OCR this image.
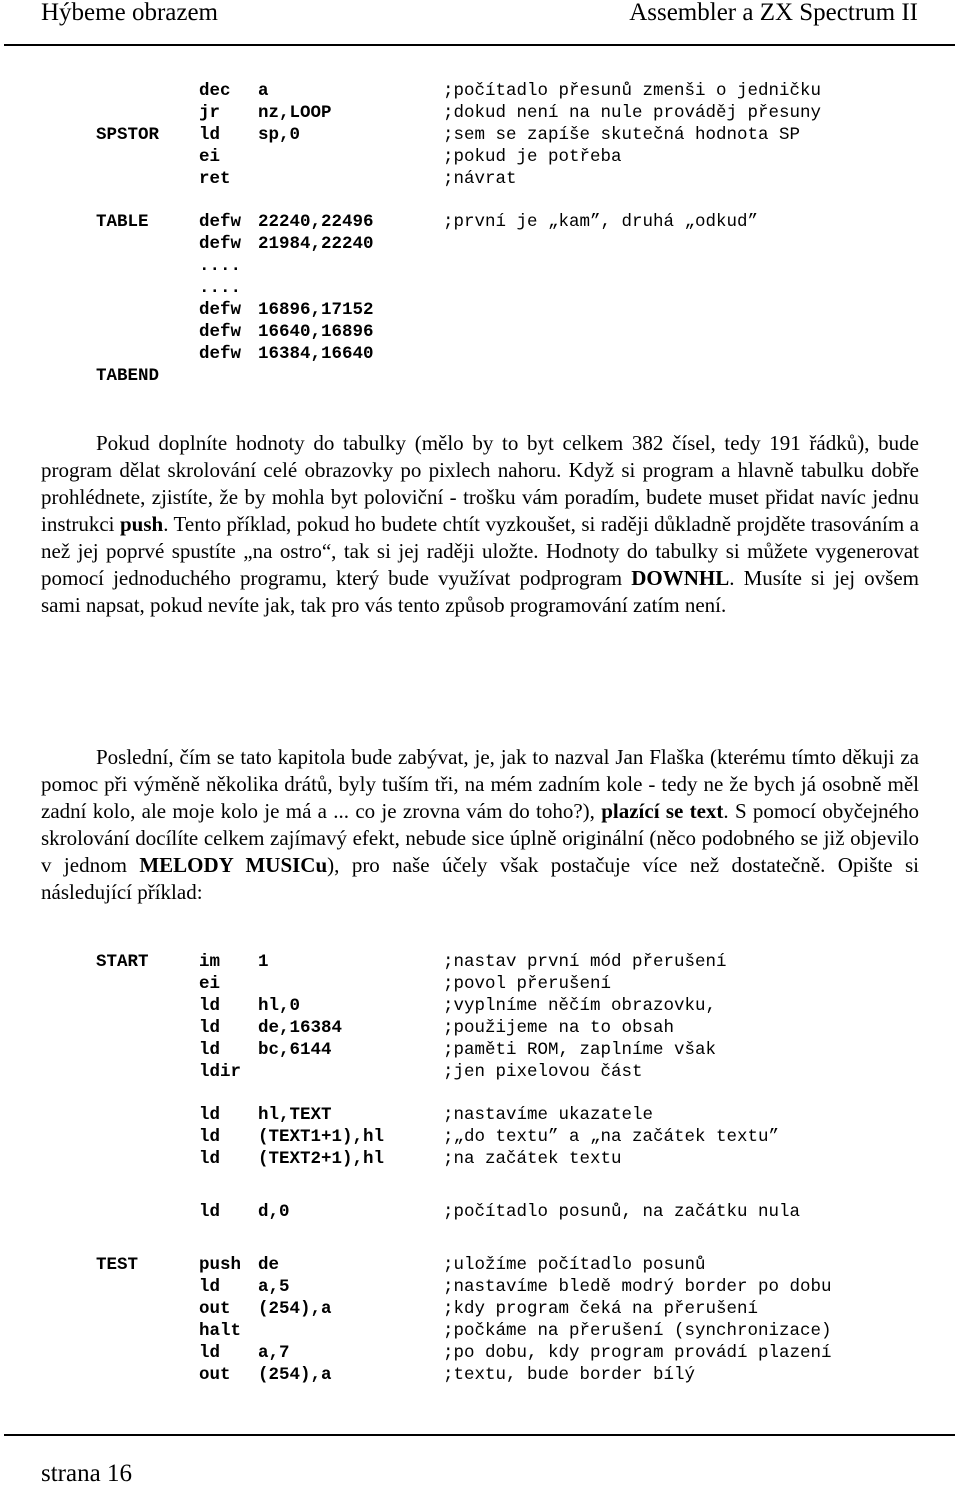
Hýbeme obrazem	Assembler a ZX Spectrum II
dec a	;počítadlo přesunů zmenši o jedničku
jr nz,LOOP	;dokud není na nule prováděj přesuny
SPSTOR ld sp,0	;sem se zapíše skutečná hodnota SP
ei	;pokud je potřeba
ret	;návrat
TABLE	defw 22240,22496	;první je „kam”, druhá „odkud”
defw 21984,22240
....
....
defw 16896,17152
defw 16640,16896
defw 16384,16640
TABEND
Pokud doplníte hodnoty do tabulky (mělo by to byt celkem 382 čísel, tedy 191 řádků), bude program dělat skrolování celé obrazovky po pixlech nahoru. Když si program a hlavně tabulku dobře prohlédnete, zjistíte, že by mohla byt poloviční - trošku vám poradím, budete muset přidat navíc jednu instrukci push. Tento příklad, pokud ho budete chtít vyzkoušet, si raději důkladně projděte trasováním a než jej poprvé spustíte „na ostro“, tak si jej raději uložte. Hodnoty do tabulky si můžete vygenerovat pomocí jednoduchého programu, který bude využívat podprogram DOWNHL. Musíte si jej ovšem sami napsat, pokud nevíte jak, tak pro vás tento způsob programování zatím není.
Poslední, čím se tato kapitola bude zabývat, je, jak to nazval Jan Flaška (kterému tímto děkuji za pomoc při výměně několika drátů, byly tuším tři, na mém zadním kole - tedy ne že bych já osobně měl zadní kolo, ale moje kolo je má a ... co je zrovna vám do toho?), plazící se text. S pomocí obyčejného skrolování docílíte celkem zajímavý efekt, nebude sice úplně originální (něco podobného se již objevilo v jednom MELODY MUSICu), pro naše účely však postačuje více než dostatečně. Opište si následující příklad:
START	im 1	;nastav první mód přerušení
ei	;povol přerušení
ld hl,0	;vyplníme něčím obrazovku,
ld de,16384	;použijeme na to obsah
ld bc,6144	;paměti ROM, zaplníme však
ldir	;jen pixelovou část
ld hl,TEXT	;nastavíme ukazatele
ld (TEXT1+1),hl	;„do textu” a „na začátek textu”
ld (TEXT2+1),hl	;na začátek textu
ld d,0	;počítadlo posunů, na začátku nula
TEST	push de	;uložíme počítadlo posunů
ld a,5	;nastavíme bledě modrý border po dobu
out (254),a	;kdy program čeká na přerušení
halt	;počkáme na přerušení (synchronizace)
ld a,7	;po dobu, kdy program provádí plazení
out (254),a	;textu, bude border bílý
strana 16
